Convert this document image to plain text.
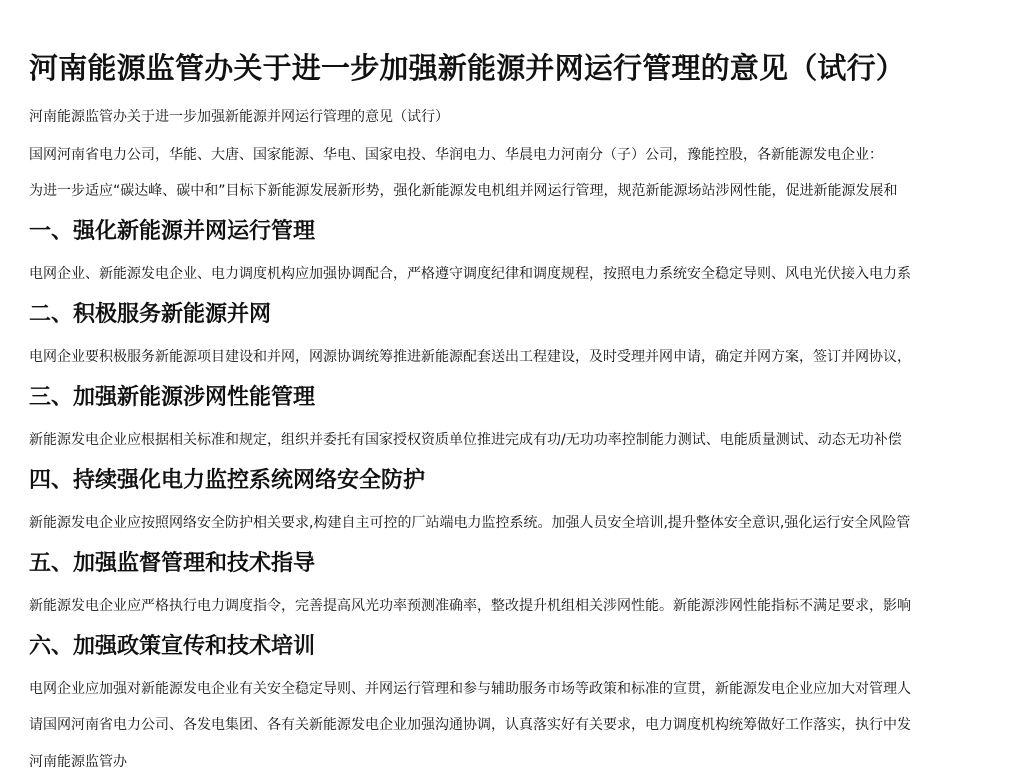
河南能源监管办关于进一步加强新能源并网运行管理的意见（试行）
河南能源监管办关于进一步加强新能源并网运行管理的意见（试行）
国网河南省电力公司，华能、大唐、国家能源、华电、国家电投、华润电力、华晨电力河南分（子）公司，豫能控股，各新能源发电企业：
为进一步适应“碳达峰、碳中和”目标下新能源发展新形势，强化新能源发电机组并网运行管理，规范新能源场站涉网性能，促进新能源发展和
一、强化新能源并网运行管理
电网企业、新能源发电企业、电力调度机构应加强协调配合，严格遵守调度纪律和调度规程，按照电力系统安全稳定导则、风电光伏接入电力系
二、积极服务新能源并网
电网企业要积极服务新能源项目建设和并网，网源协调统筹推进新能源配套送出工程建设，及时受理并网申请，确定并网方案，签订并网协议，
三、加强新能源涉网性能管理
新能源发电企业应根据相关标准和规定，组织并委托有国家授权资质单位推进完成有功/无功功率控制能力测试、电能质量测试、动态无功补偿
四、持续强化电力监控系统网络安全防护
新能源发电企业应按照网络安全防护相关要求,构建自主可控的厂站端电力监控系统。加强人员安全培训,提升整体安全意识,强化运行安全风险管
五、加强监督管理和技术指导
新能源发电企业应严格执行电力调度指令，完善提高风光功率预测准确率，整改提升机组相关涉网性能。新能源涉网性能指标不满足要求，影响
六、加强政策宣传和技术培训
电网企业应加强对新能源发电企业有关安全稳定导则、并网运行管理和参与辅助服务市场等政策和标准的宣贯，新能源发电企业应加大对管理人
请国网河南省电力公司、各发电集团、各有关新能源发电企业加强沟通协调，认真落实好有关要求，电力调度机构统筹做好工作落实，执行中发
河南能源监管办
